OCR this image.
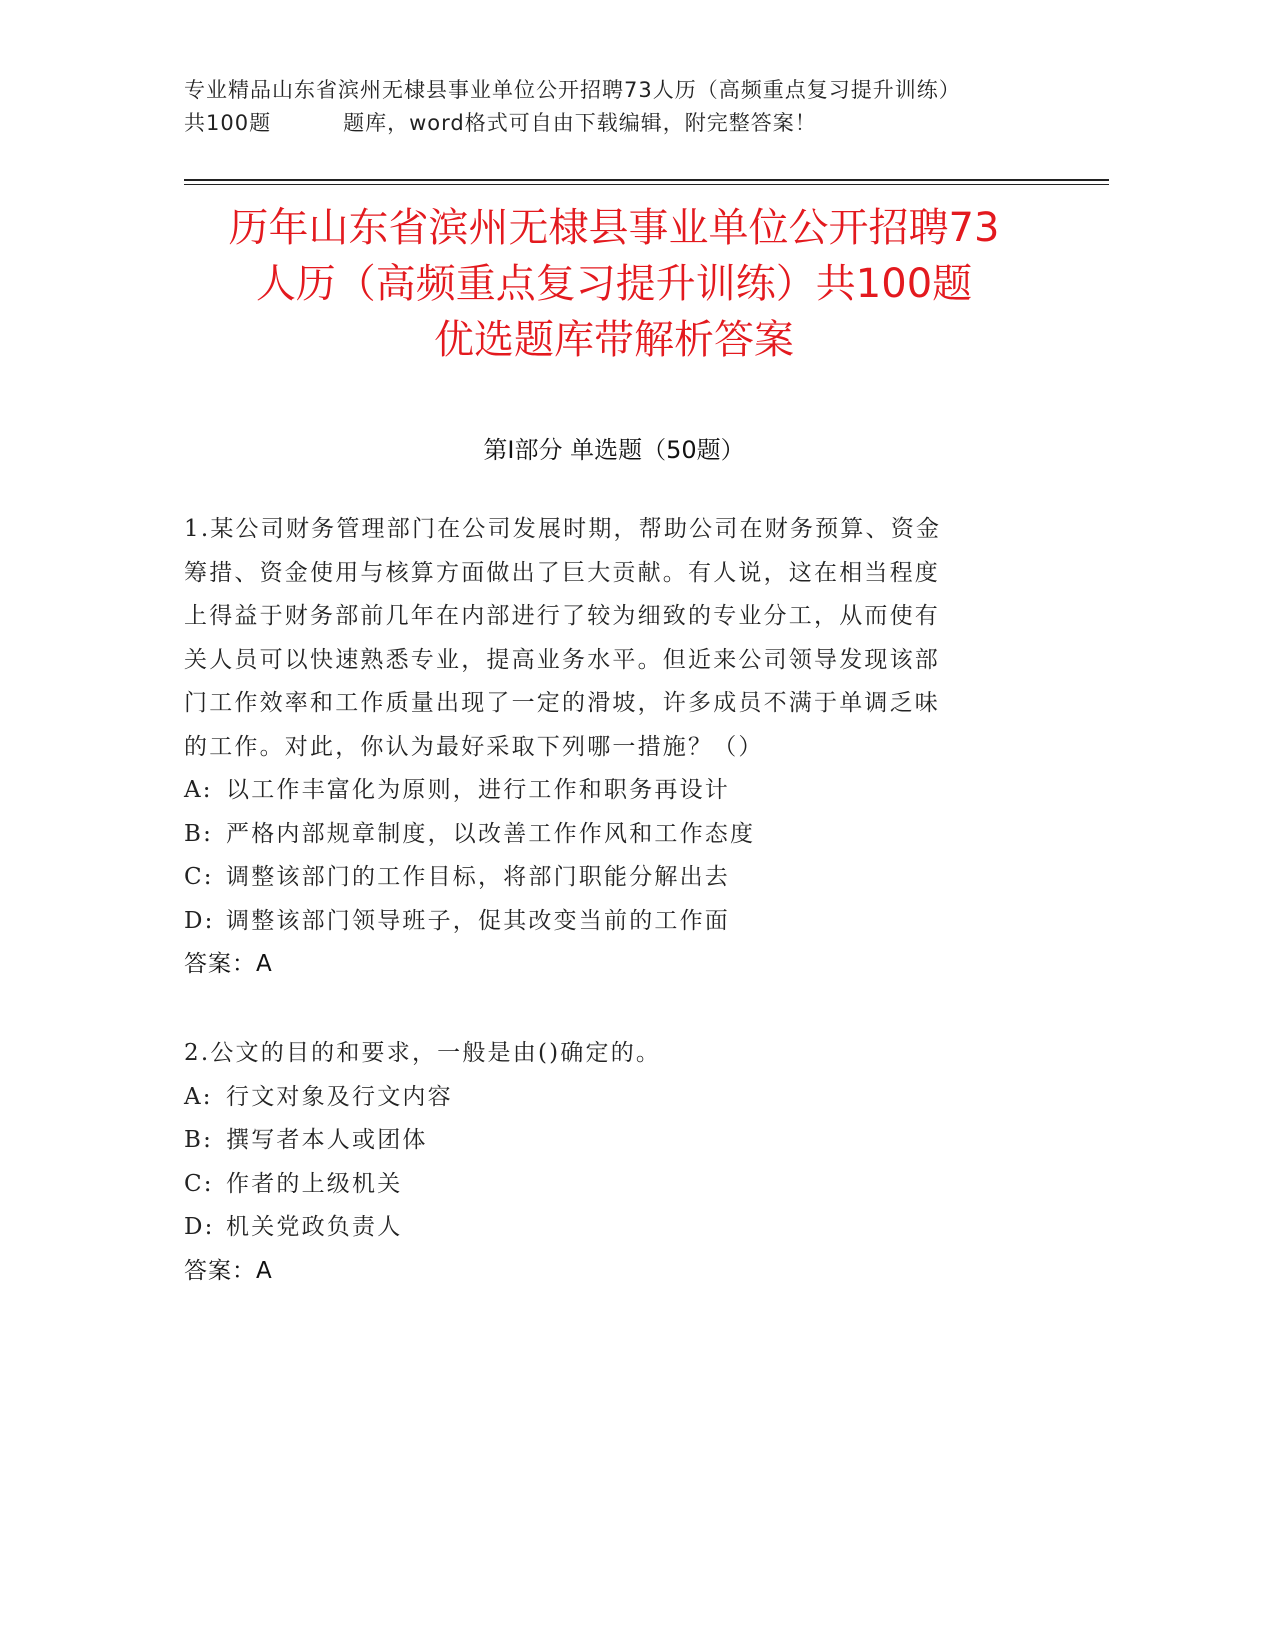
专业精品山东省滨州无棣县事业单位公开招聘73人历（高频重点复习提升训练）
共100题	题库，word格式可自由下载编辑，附完整答案！
历年山东省滨州无棣县事业单位公开招聘73
人历（高频重点复习提升训练）共100题
优选题库带解析答案
第Ⅰ部分 单选题（50题）
1.某公司财务管理部门在公司发展时期，帮助公司在财务预算、资金
筹措、资金使用与核算方面做出了巨大贡献。有人说，这在相当程度
上得益于财务部前几年在内部进行了较为细致的专业分工，从而使有
关人员可以快速熟悉专业，提高业务水平。但近来公司领导发现该部
门工作效率和工作质量出现了一定的滑坡，许多成员不满于单调乏味
的工作。对此，你认为最好采取下列哪一措施？（）
A: 以工作丰富化为原则，进行工作和职务再设计
B: 严格内部规章制度，以改善工作作风和工作态度
C: 调整该部门的工作目标，将部门职能分解出去
D: 调整该部门领导班子，促其改变当前的工作面
答案：A
2.公文的目的和要求，一般是由()确定的。
A: 行文对象及行文内容
B: 撰写者本人或团体
C: 作者的上级机关
D: 机关党政负责人
答案：A
